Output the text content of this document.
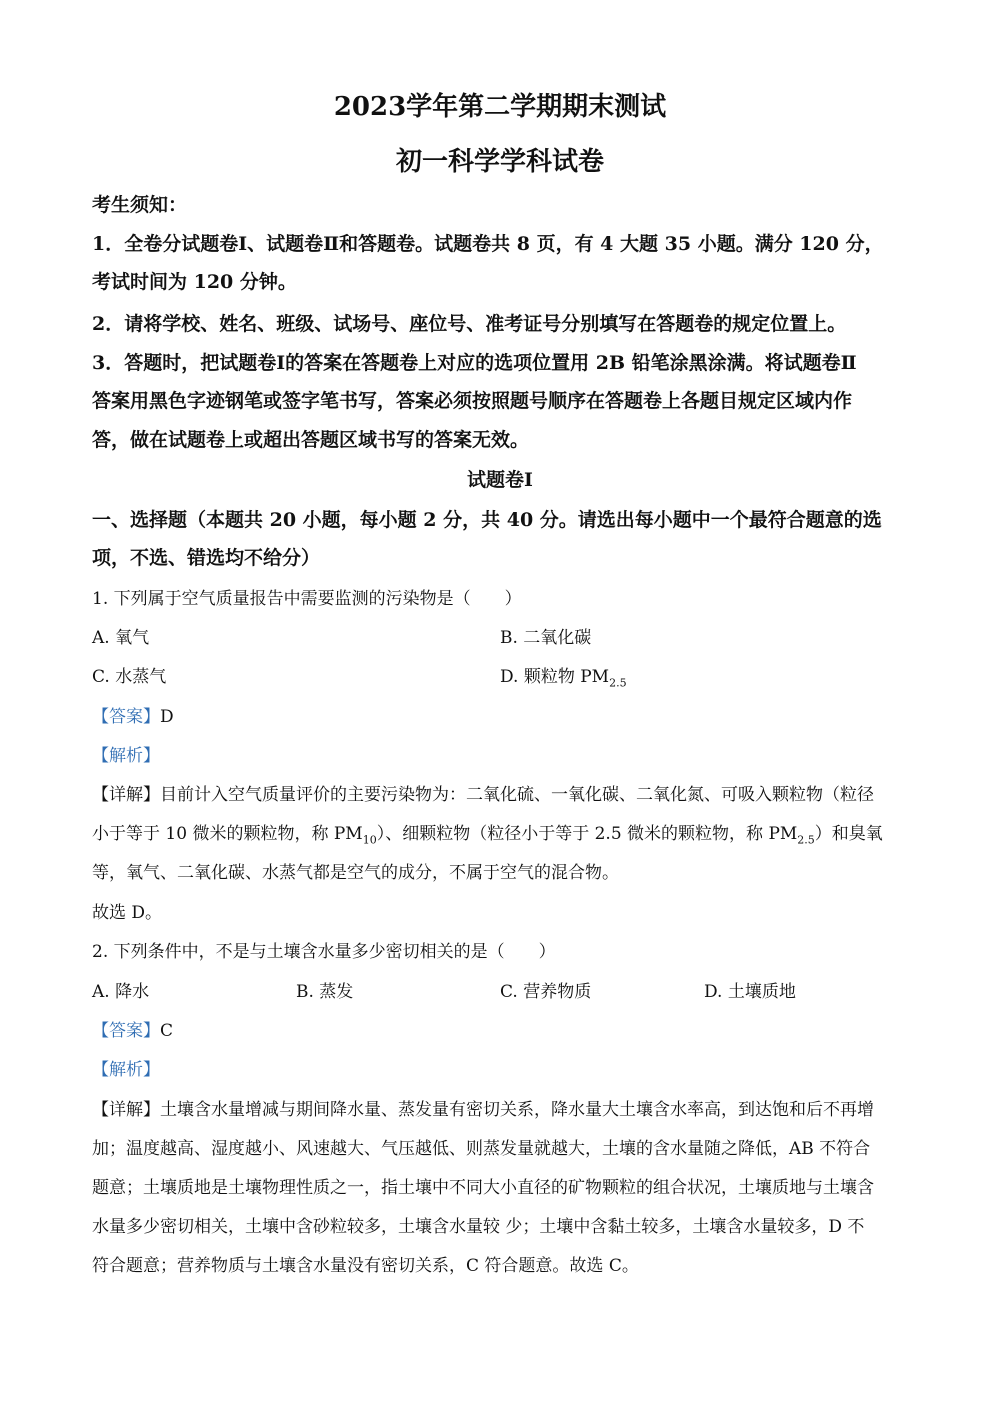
2023学年第二学期期末测试
初一科学学科试卷
考生须知：
1．全卷分试题卷Ⅰ、试题卷Ⅱ和答题卷。试题卷共 8 页，有 4 大题 35 小题。满分 120 分，
考试时间为 120 分钟。
2．请将学校、姓名、班级、试场号、座位号、准考证号分别填写在答题卷的规定位置上。
3．答题时，把试题卷Ⅰ的答案在答题卷上对应的选项位置用 2B 铅笔涂黑涂满。将试题卷Ⅱ
答案用黑色字迹钢笔或签字笔书写，答案必须按照题号顺序在答题卷上各题目规定区域内作
答，做在试题卷上或超出答题区域书写的答案无效。
试题卷Ⅰ
一、选择题（本题共 20 小题，每小题 2 分，共 40 分。请选出每小题中一个最符合题意的选
项，不选、错选均不给分）
1. 下列属于空气质量报告中需要监测的污染物是（　　）
A. 氧气	B. 二氧化碳
C. 水蒸气	D. 颗粒物 $PM_{2.5}$
【答案】D
【解析】
【详解】目前计入空气质量评价的主要污染物为：二氧化硫、一氧化碳、二氧化氮、可吸入颗粒物（粒径
小于等于 10 微米的颗粒物，称 $PM_{10}$）、细颗粒物（粒径小于等于 2.5 微米的颗粒物，称 $PM_{2.5}$）和臭氧
等，氧气、二氧化碳、水蒸气都是空气的成分，不属于空气的混合物。
故选 D。
2. 下列条件中，不是与土壤含水量多少密切相关的是（　　）
A. 降水	B. 蒸发	C. 营养物质	D. 土壤质地
【答案】C
【解析】
【详解】土壤含水量增减与期间降水量、蒸发量有密切关系，降水量大土壤含水率高，到达饱和后不再增
加；温度越高、湿度越小、风速越大、气压越低、则蒸发量就越大，土壤的含水量随之降低，AB 不符合
题意；土壤质地是土壤物理性质之一，指土壤中不同大小直径的矿物颗粒的组合状况，土壤质地与土壤含
水量多少密切相关，土壤中含砂粒较多，土壤含水量较 少；土壤中含黏土较多，土壤含水量较多，D 不
符合题意；营养物质与土壤含水量没有密切关系，C 符合题意。故选 C。
